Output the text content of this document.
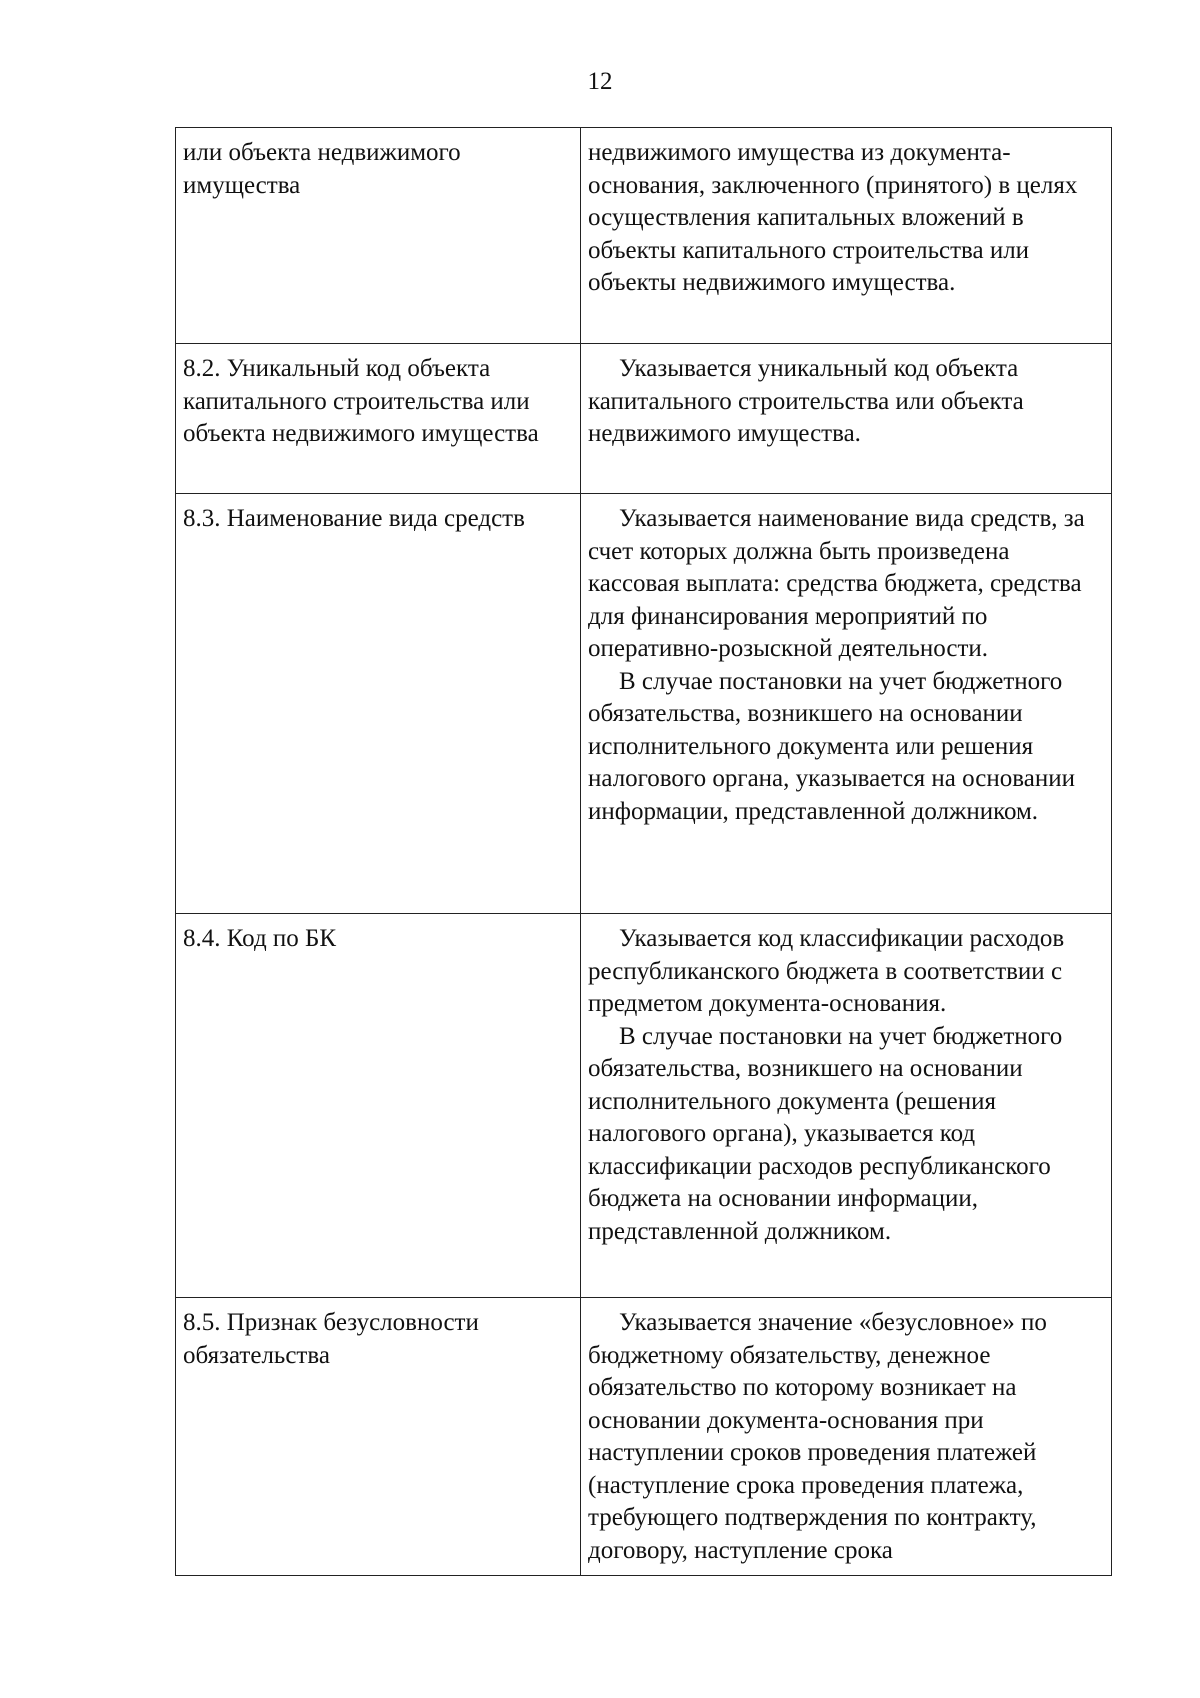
12

или объекта недвижимого имущества	недвижимого имущества из документа-основания, заключенного (принятого) в целях осуществления капитальных вложений в объекты капитального строительства или объекты недвижимого имущества.

8.2. Уникальный код объекта капитального строительства или объекта недвижимого имущества	Указывается уникальный код объекта капитального строительства или объекта недвижимого имущества.

8.3. Наименование вида средств	Указывается наименование вида средств, за счет которых должна быть произведена кассовая выплата: средства бюджета, средства для финансирования мероприятий по оперативно-розыскной деятельности.

В случае постановки на учет бюджетного обязательства, возникшего на основании исполнительного документа или решения налогового органа, указывается на основании информации, представленной должником.

8.4. Код по БК	Указывается код классификации расходов республиканского бюджета в соответствии с предметом документа-основания.

В случае постановки на учет бюджетного обязательства, возникшего на основании исполнительного документа (решения налогового органа), указывается код классификации расходов республиканского бюджета на основании информации, представленной должником.

8.5. Признак безусловности обязательства	Указывается значение «безусловное» по бюджетному обязательству, денежное обязательство по которому возникает на основании документа-основания при наступлении сроков проведения платежей (наступление срока проведения платежа, требующего подтверждения по контракту, договору, наступление срока
